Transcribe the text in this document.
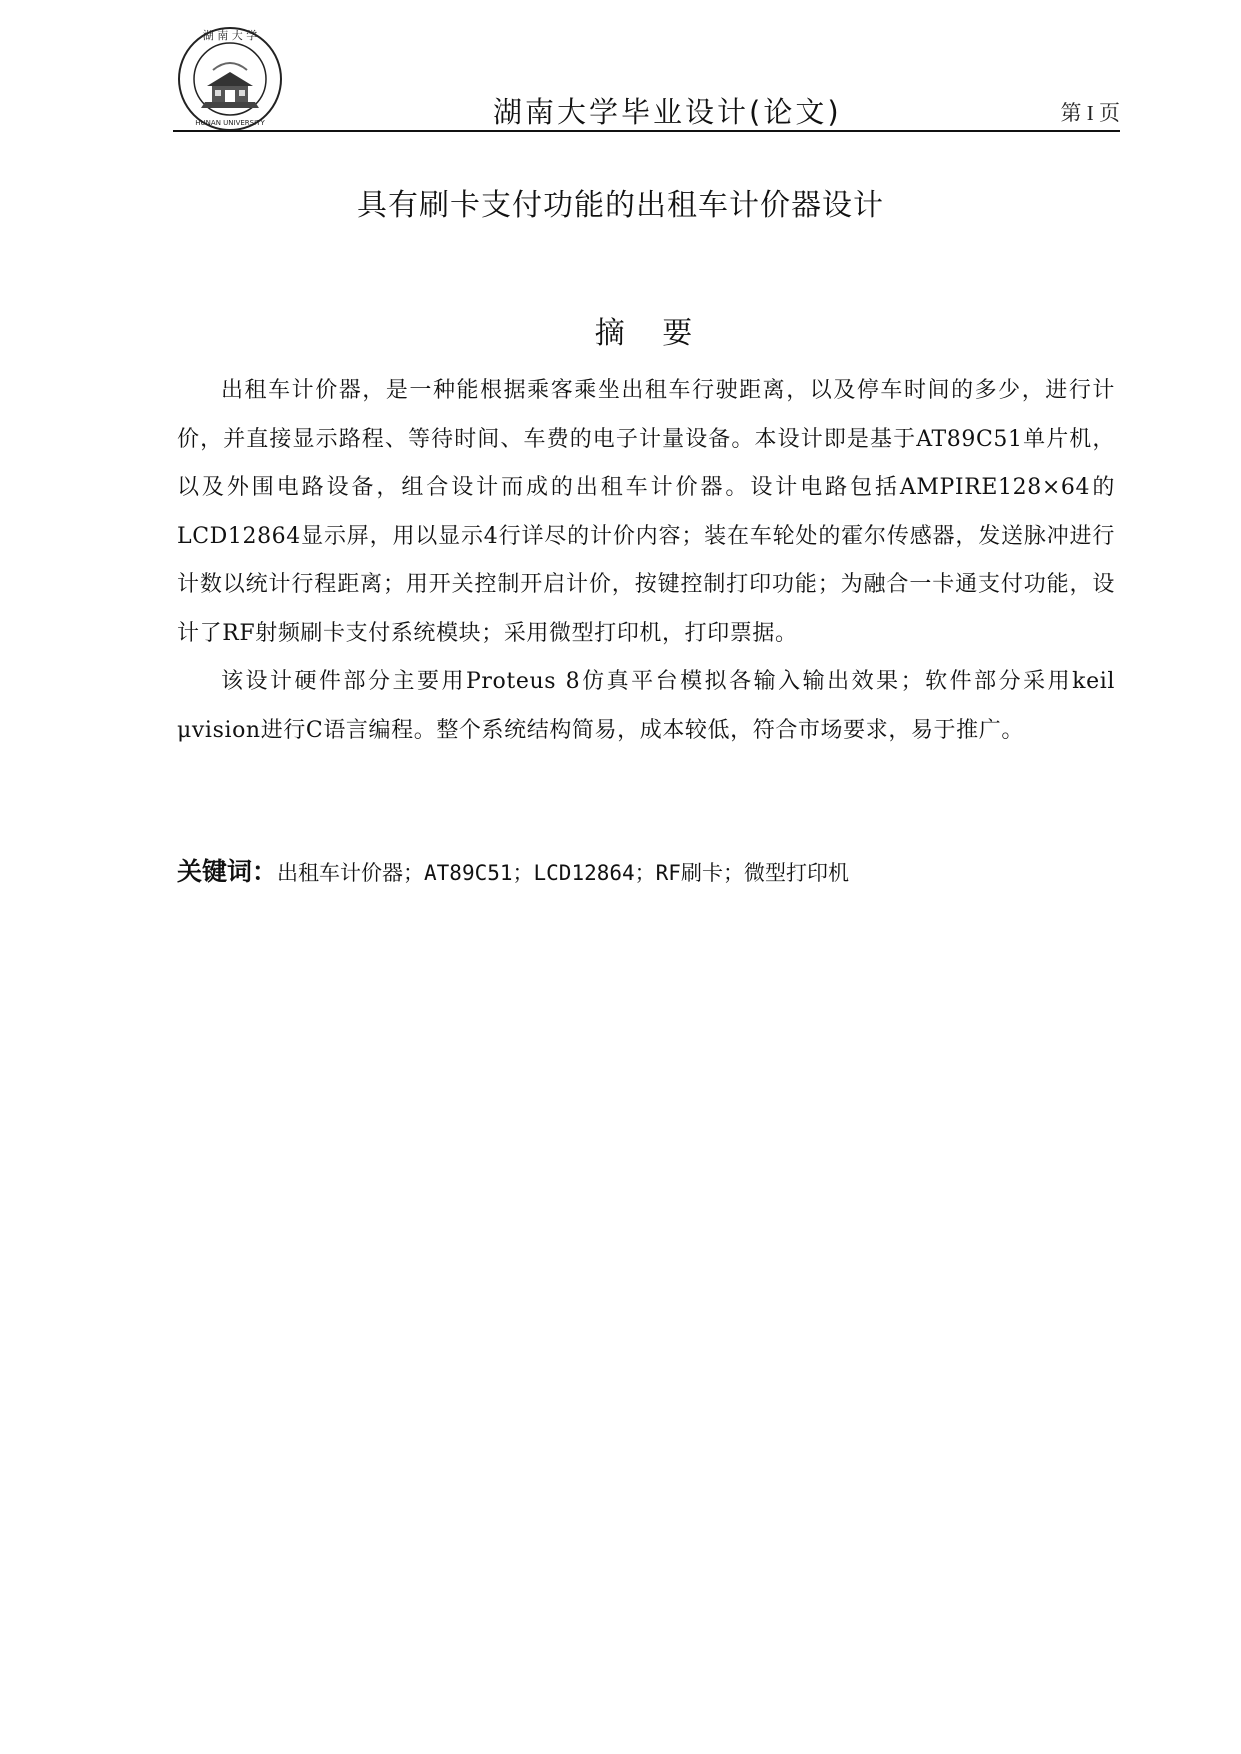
湖 南 大 学
HUNAN UNIVERSITY	湖南大学毕业设计(论文)	第 I 页
具有刷卡支付功能的出租车计价器设计
摘 要

出租车计价器，是一种能根据乘客乘坐出租车行驶距离，以及停车时间的多少，进行计价，并直接显示路程、等待时间、车费的电子计量设备。本设计即是基于AT89C51单片机，以及外围电路设备，组合设计而成的出租车计价器。设计电路包括AMPIRE128×64的LCD12864显示屏，用以显示4行详尽的计价内容；装在车轮处的霍尔传感器，发送脉冲进行计数以统计行程距离；用开关控制开启计价，按键控制打印功能；为融合一卡通支付功能，设计了RF射频刷卡支付系统模块；采用微型打印机，打印票据。

该设计硬件部分主要用Proteus 8仿真平台模拟各输入输出效果；软件部分采用keil μvision进行C语言编程。整个系统结构简易，成本较低，符合市场要求，易于推广。

关键词：出租车计价器；AT89C51；LCD12864；RF刷卡；微型打印机
